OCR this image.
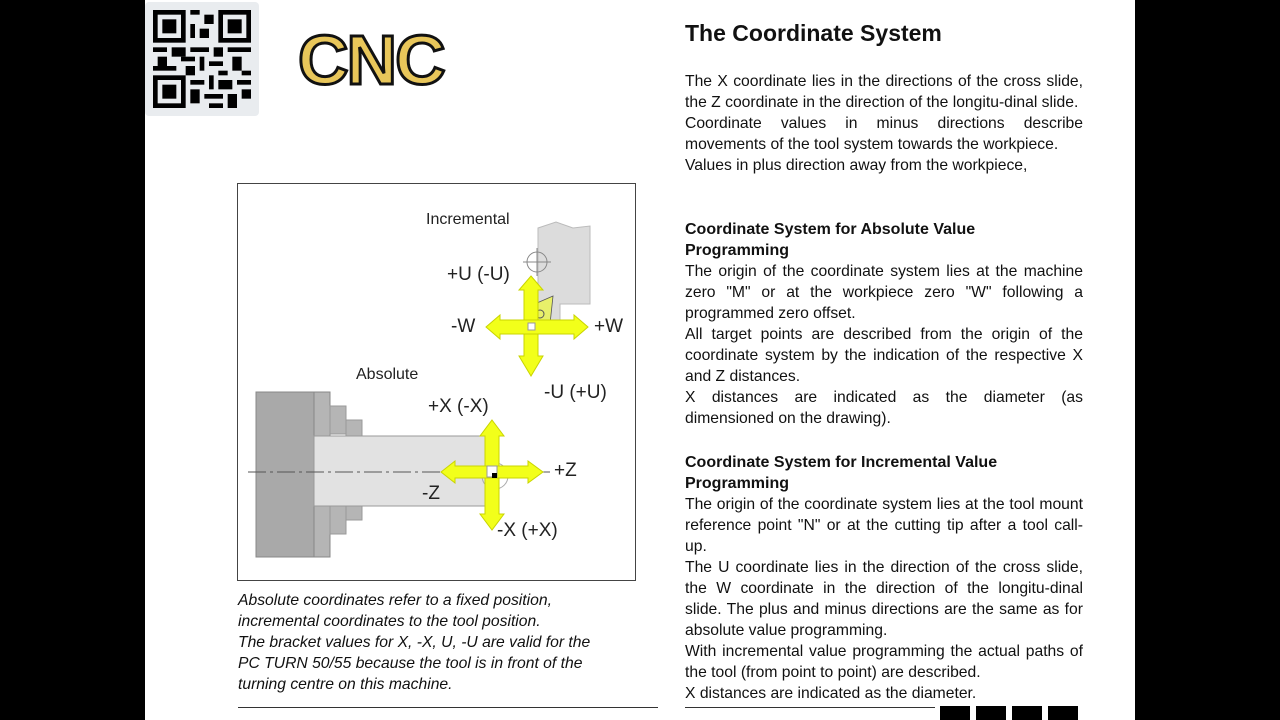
CNC
Incremental
Absolute
+U (-U)
-W	+W
-U (+U)
+X (-X)
+Z
-Z
-X (+X)
Absolute coordinates refer to a fixed position,
incremental coordinates to the tool position.
The bracket values for X, -X, U, -U are valid for the
PC TURN 50/55 because the tool is in front of the
turning centre on this machine.
The Coordinate System

The X coordinate lies in the directions of the cross slide, the Z coordinate in the direction of the longitu-dinal slide.

Coordinate values in minus directions describe movements of the tool system towards the workpiece.

Values in plus direction away from the workpiece,

Coordinate System for Absolute Value Programming

The origin of the coordinate system lies at the machine zero "M" or at the workpiece zero "W" following a programmed zero offset.

All target points are described from the origin of the coordinate system by the indication of the respective X and Z distances.

X distances are indicated as the diameter (as dimensioned on the drawing).

Coordinate System for Incremental Value Programming

The origin of the coordinate system lies at the tool mount reference point "N" or at the cutting tip after a tool call-up.

The U coordinate lies in the direction of the cross slide, the W coordinate in the direction of the longitu-dinal slide. The plus and minus directions are the same as for absolute value programming.

With incremental value programming the actual paths of the tool (from point to point) are described.

X distances are indicated as the diameter.
